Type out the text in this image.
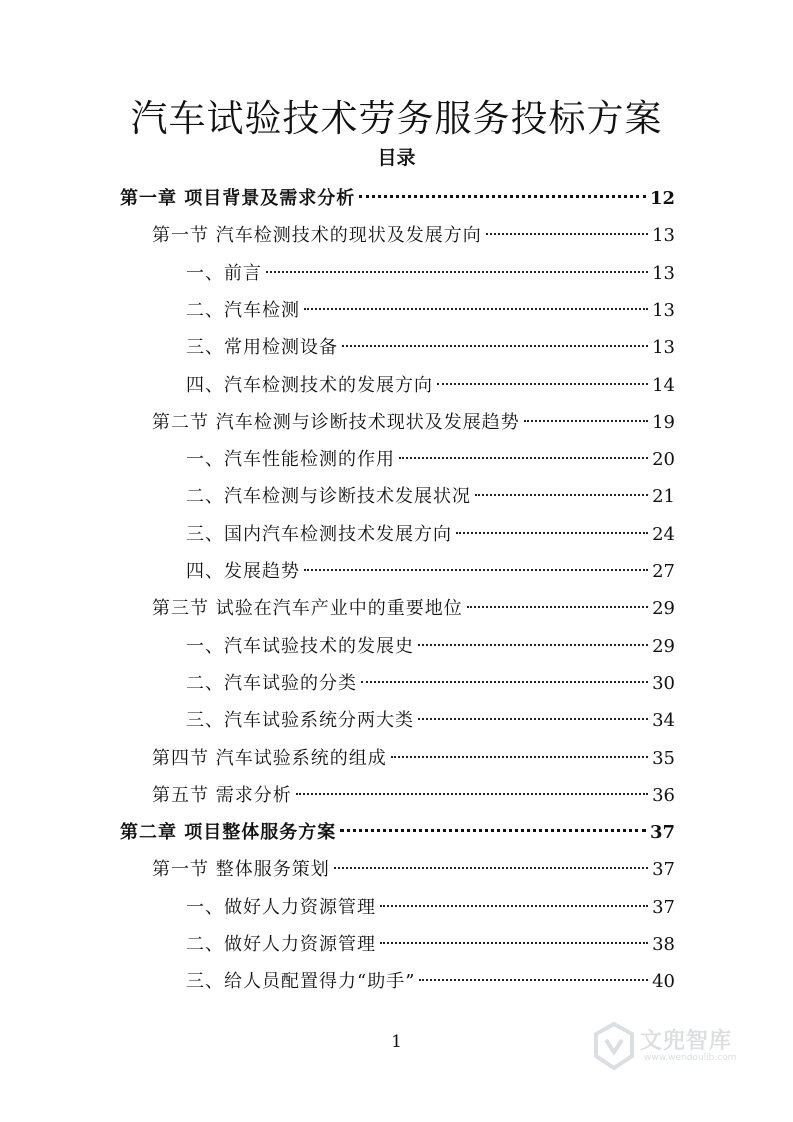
汽车试验技术劳务服务投标方案
目录
第一章 项目背景及需求分析	12
第一节 汽车检测技术的现状及发展方向	13
一、前言	13
二、汽车检测	13
三、常用检测设备	13
四、汽车检测技术的发展方向	14
第二节 汽车检测与诊断技术现状及发展趋势	19
一、汽车性能检测的作用	20
二、汽车检测与诊断技术发展状况	21
三、国内汽车检测技术发展方向	24
四、发展趋势	27
第三节 试验在汽车产业中的重要地位	29
一、汽车试验技术的发展史	29
二、汽车试验的分类	30
三、汽车试验系统分两大类	34
第四节 汽车试验系统的组成	35
第五节 需求分析	36
第二章 项目整体服务方案	37
第一节 整体服务策划	37
一、做好人力资源管理	37
二、做好人力资源管理	38
三、给人员配置得力“助手”	40
1	文兜智库
www.wendoulib.com
